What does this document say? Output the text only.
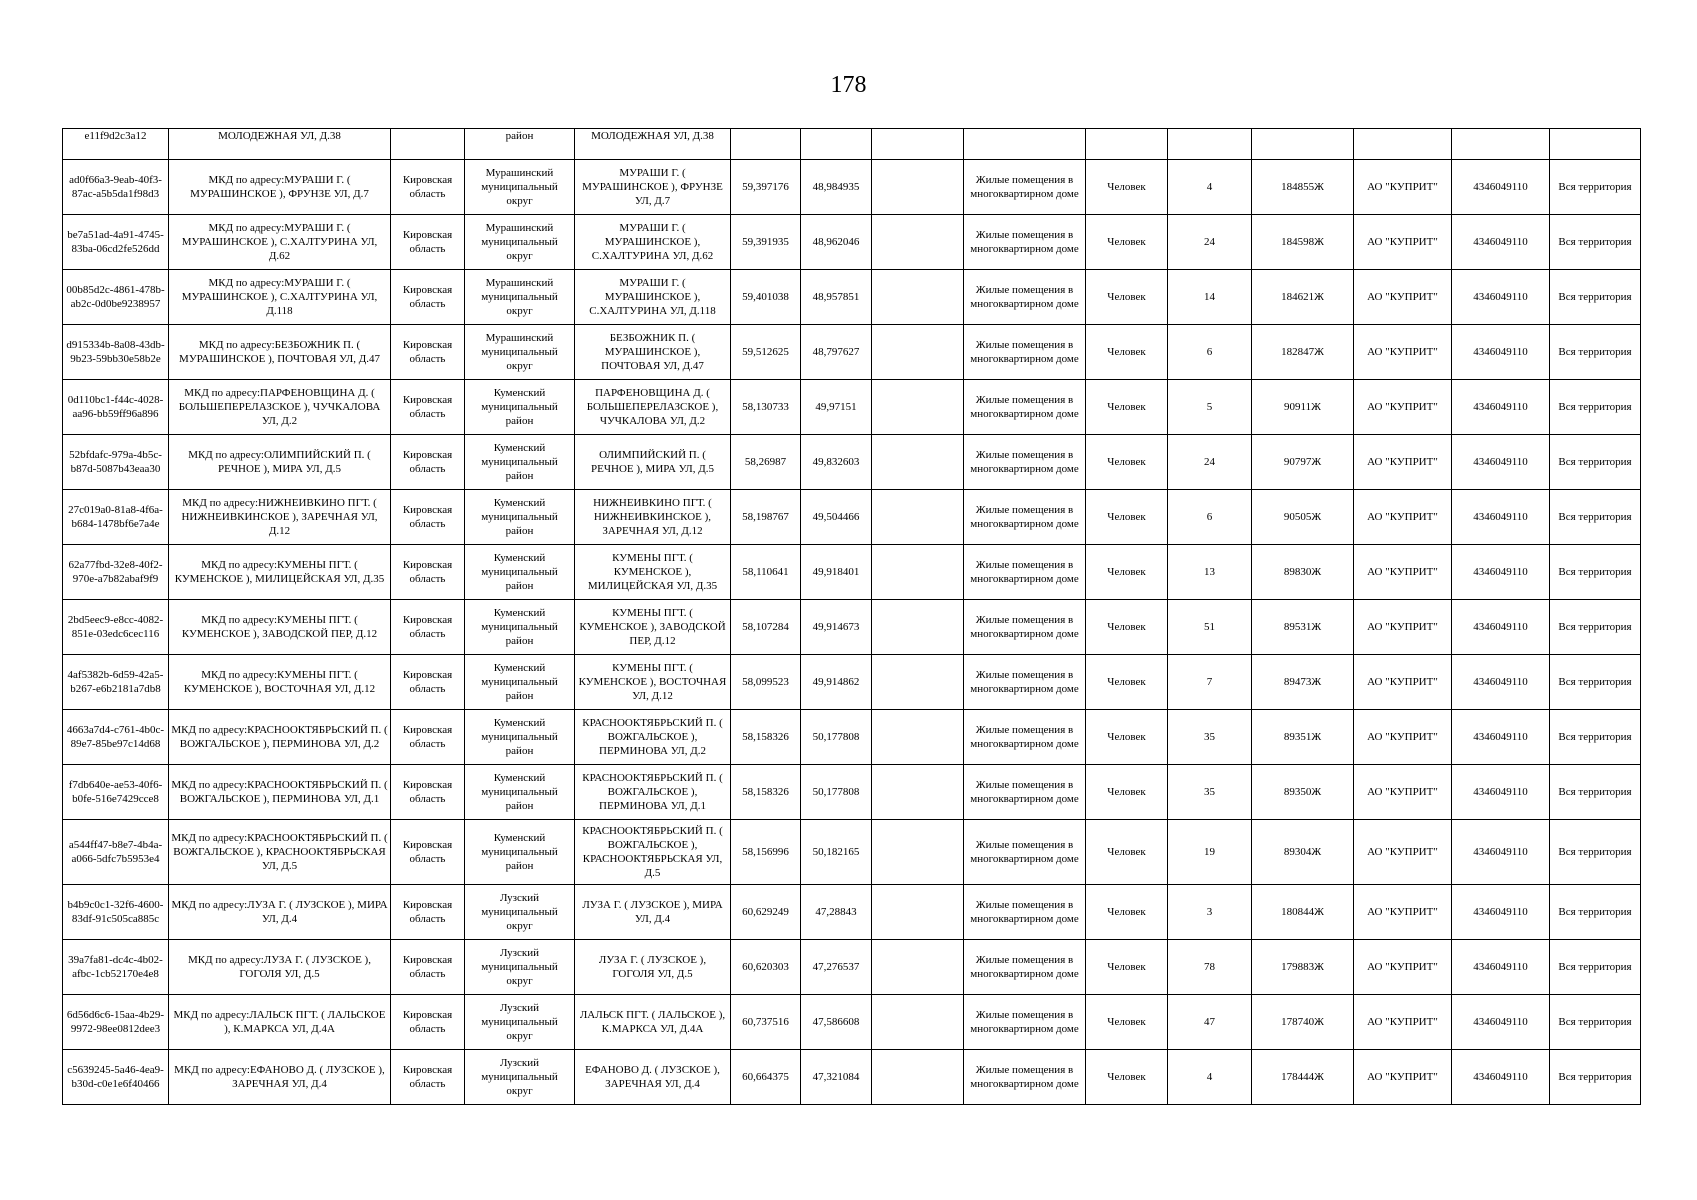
178
e11f9d2c3a12	МОЛОДЕЖНАЯ УЛ, Д.38		район	МОЛОДЕЖНАЯ УЛ, Д.38										
ad0f66a3-9eab-40f3-87ac-a5b5da1f98d3	МКД по адресу:МУРАШИ Г. ( МУРАШИНСКОЕ ), ФРУНЗЕ УЛ, Д.7	Кировская область	Мурашинский муниципальный округ	МУРАШИ Г. ( МУРАШИНСКОЕ ), ФРУНЗЕ УЛ, Д.7	59,397176	48,984935		Жилые помещения в многоквартирном доме	Человек	4	184855Ж	АО "КУПРИТ"	4346049110	Вся территория
be7a51ad-4a91-4745-83ba-06cd2fe526dd	МКД по адресу:МУРАШИ Г. ( МУРАШИНСКОЕ ), С.ХАЛТУРИНА УЛ, Д.62	Кировская область	Мурашинский муниципальный округ	МУРАШИ Г. ( МУРАШИНСКОЕ ), С.ХАЛТУРИНА УЛ, Д.62	59,391935	48,962046		Жилые помещения в многоквартирном доме	Человек	24	184598Ж	АО "КУПРИТ"	4346049110	Вся территория
00b85d2c-4861-478b-ab2c-0d0be9238957	МКД по адресу:МУРАШИ Г. ( МУРАШИНСКОЕ ), С.ХАЛТУРИНА УЛ, Д.118	Кировская область	Мурашинский муниципальный округ	МУРАШИ Г. ( МУРАШИНСКОЕ ), С.ХАЛТУРИНА УЛ, Д.118	59,401038	48,957851		Жилые помещения в многоквартирном доме	Человек	14	184621Ж	АО "КУПРИТ"	4346049110	Вся территория
d915334b-8a08-43db-9b23-59bb30e58b2e	МКД по адресу:БЕЗБОЖНИК П. ( МУРАШИНСКОЕ ), ПОЧТОВАЯ УЛ, Д.47	Кировская область	Мурашинский муниципальный округ	БЕЗБОЖНИК П. ( МУРАШИНСКОЕ ), ПОЧТОВАЯ УЛ, Д.47	59,512625	48,797627		Жилые помещения в многоквартирном доме	Человек	6	182847Ж	АО "КУПРИТ"	4346049110	Вся территория
0d110bc1-f44c-4028-aa96-bb59ff96a896	МКД по адресу:ПАРФЕНОВЩИНА Д. ( БОЛЬШЕПЕРЕЛАЗСКОЕ ), ЧУЧКАЛОВА УЛ, Д.2	Кировская область	Куменский муниципальный район	ПАРФЕНОВЩИНА Д. ( БОЛЬШЕПЕРЕЛАЗСКОЕ ), ЧУЧКАЛОВА УЛ, Д.2	58,130733	49,97151		Жилые помещения в многоквартирном доме	Человек	5	90911Ж	АО "КУПРИТ"	4346049110	Вся территория
52bfdafc-979a-4b5c-b87d-5087b43eaa30	МКД по адресу:ОЛИМПИЙСКИЙ П. ( РЕЧНОЕ ), МИРА УЛ, Д.5	Кировская область	Куменский муниципальный район	ОЛИМПИЙСКИЙ П. ( РЕЧНОЕ ), МИРА УЛ, Д.5	58,26987	49,832603		Жилые помещения в многоквартирном доме	Человек	24	90797Ж	АО "КУПРИТ"	4346049110	Вся территория
27c019a0-81a8-4f6a-b684-1478bf6e7a4e	МКД по адресу:НИЖНЕИВКИНО ПГТ. ( НИЖНЕИВКИНСКОЕ ), ЗАРЕЧНАЯ УЛ, Д.12	Кировская область	Куменский муниципальный район	НИЖНЕИВКИНО ПГТ. ( НИЖНЕИВКИНСКОЕ ), ЗАРЕЧНАЯ УЛ, Д.12	58,198767	49,504466		Жилые помещения в многоквартирном доме	Человек	6	90505Ж	АО "КУПРИТ"	4346049110	Вся территория
62a77fbd-32e8-40f2-970e-a7b82abaf9f9	МКД по адресу:КУМЕНЫ ПГТ. ( КУМЕНСКОЕ ), МИЛИЦЕЙСКАЯ УЛ, Д.35	Кировская область	Куменский муниципальный район	КУМЕНЫ ПГТ. ( КУМЕНСКОЕ ), МИЛИЦЕЙСКАЯ УЛ, Д.35	58,110641	49,918401		Жилые помещения в многоквартирном доме	Человек	13	89830Ж	АО "КУПРИТ"	4346049110	Вся территория
2bd5eec9-e8cc-4082-851e-03edc6cec116	МКД по адресу:КУМЕНЫ ПГТ. ( КУМЕНСКОЕ ), ЗАВОДСКОЙ ПЕР, Д.12	Кировская область	Куменский муниципальный район	КУМЕНЫ ПГТ. ( КУМЕНСКОЕ ), ЗАВОДСКОЙ ПЕР, Д.12	58,107284	49,914673		Жилые помещения в многоквартирном доме	Человек	51	89531Ж	АО "КУПРИТ"	4346049110	Вся территория
4af5382b-6d59-42a5-b267-e6b2181a7db8	МКД по адресу:КУМЕНЫ ПГТ. ( КУМЕНСКОЕ ), ВОСТОЧНАЯ УЛ, Д.12	Кировская область	Куменский муниципальный район	КУМЕНЫ ПГТ. ( КУМЕНСКОЕ ), ВОСТОЧНАЯ УЛ, Д.12	58,099523	49,914862		Жилые помещения в многоквартирном доме	Человек	7	89473Ж	АО "КУПРИТ"	4346049110	Вся территория
4663a7d4-c761-4b0c-89e7-85be97c14d68	МКД по адресу:КРАСНООКТЯБРЬСКИЙ П. ( ВОЖГАЛЬСКОЕ ), ПЕРМИНОВА УЛ, Д.2	Кировская область	Куменский муниципальный район	КРАСНООКТЯБРЬСКИЙ П. ( ВОЖГАЛЬСКОЕ ), ПЕРМИНОВА УЛ, Д.2	58,158326	50,177808		Жилые помещения в многоквартирном доме	Человек	35	89351Ж	АО "КУПРИТ"	4346049110	Вся территория
f7db640e-ae53-40f6-b0fe-516e7429cce8	МКД по адресу:КРАСНООКТЯБРЬСКИЙ П. ( ВОЖГАЛЬСКОЕ ), ПЕРМИНОВА УЛ, Д.1	Кировская область	Куменский муниципальный район	КРАСНООКТЯБРЬСКИЙ П. ( ВОЖГАЛЬСКОЕ ), ПЕРМИНОВА УЛ, Д.1	58,158326	50,177808		Жилые помещения в многоквартирном доме	Человек	35	89350Ж	АО "КУПРИТ"	4346049110	Вся территория
a544ff47-b8e7-4b4a-a066-5dfc7b5953e4	МКД по адресу:КРАСНООКТЯБРЬСКИЙ П. ( ВОЖГАЛЬСКОЕ ), КРАСНООКТЯБРЬСКАЯ УЛ, Д.5	Кировская область	Куменский муниципальный район	КРАСНООКТЯБРЬСКИЙ П. ( ВОЖГАЛЬСКОЕ ), КРАСНООКТЯБРЬСКАЯ УЛ, Д.5	58,156996	50,182165		Жилые помещения в многоквартирном доме	Человек	19	89304Ж	АО "КУПРИТ"	4346049110	Вся территория
b4b9c0c1-32f6-4600-83df-91c505ca885c	МКД по адресу:ЛУЗА Г. ( ЛУЗСКОЕ ), МИРА УЛ, Д.4	Кировская область	Лузский муниципальный округ	ЛУЗА Г. ( ЛУЗСКОЕ ), МИРА УЛ, Д.4	60,629249	47,28843		Жилые помещения в многоквартирном доме	Человек	3	180844Ж	АО "КУПРИТ"	4346049110	Вся территория
39a7fa81-dc4c-4b02-afbc-1cb52170e4e8	МКД по адресу:ЛУЗА Г. ( ЛУЗСКОЕ ), ГОГОЛЯ УЛ, Д.5	Кировская область	Лузский муниципальный округ	ЛУЗА Г. ( ЛУЗСКОЕ ), ГОГОЛЯ УЛ, Д.5	60,620303	47,276537		Жилые помещения в многоквартирном доме	Человек	78	179883Ж	АО "КУПРИТ"	4346049110	Вся территория
6d56d6c6-15aa-4b29-9972-98ee0812dee3	МКД по адресу:ЛАЛЬСК ПГТ. ( ЛАЛЬСКОЕ ), К.МАРКСА УЛ, Д.4А	Кировская область	Лузский муниципальный округ	ЛАЛЬСК ПГТ. ( ЛАЛЬСКОЕ ), К.МАРКСА УЛ, Д.4А	60,737516	47,586608		Жилые помещения в многоквартирном доме	Человек	47	178740Ж	АО "КУПРИТ"	4346049110	Вся территория
c5639245-5a46-4ea9-b30d-c0e1e6f40466	МКД по адресу:ЕФАНОВО Д. ( ЛУЗСКОЕ ), ЗАРЕЧНАЯ УЛ, Д.4	Кировская область	Лузский муниципальный округ	ЕФАНОВО Д. ( ЛУЗСКОЕ ), ЗАРЕЧНАЯ УЛ, Д.4	60,664375	47,321084		Жилые помещения в многоквартирном доме	Человек	4	178444Ж	АО "КУПРИТ"	4346049110	Вся территория
